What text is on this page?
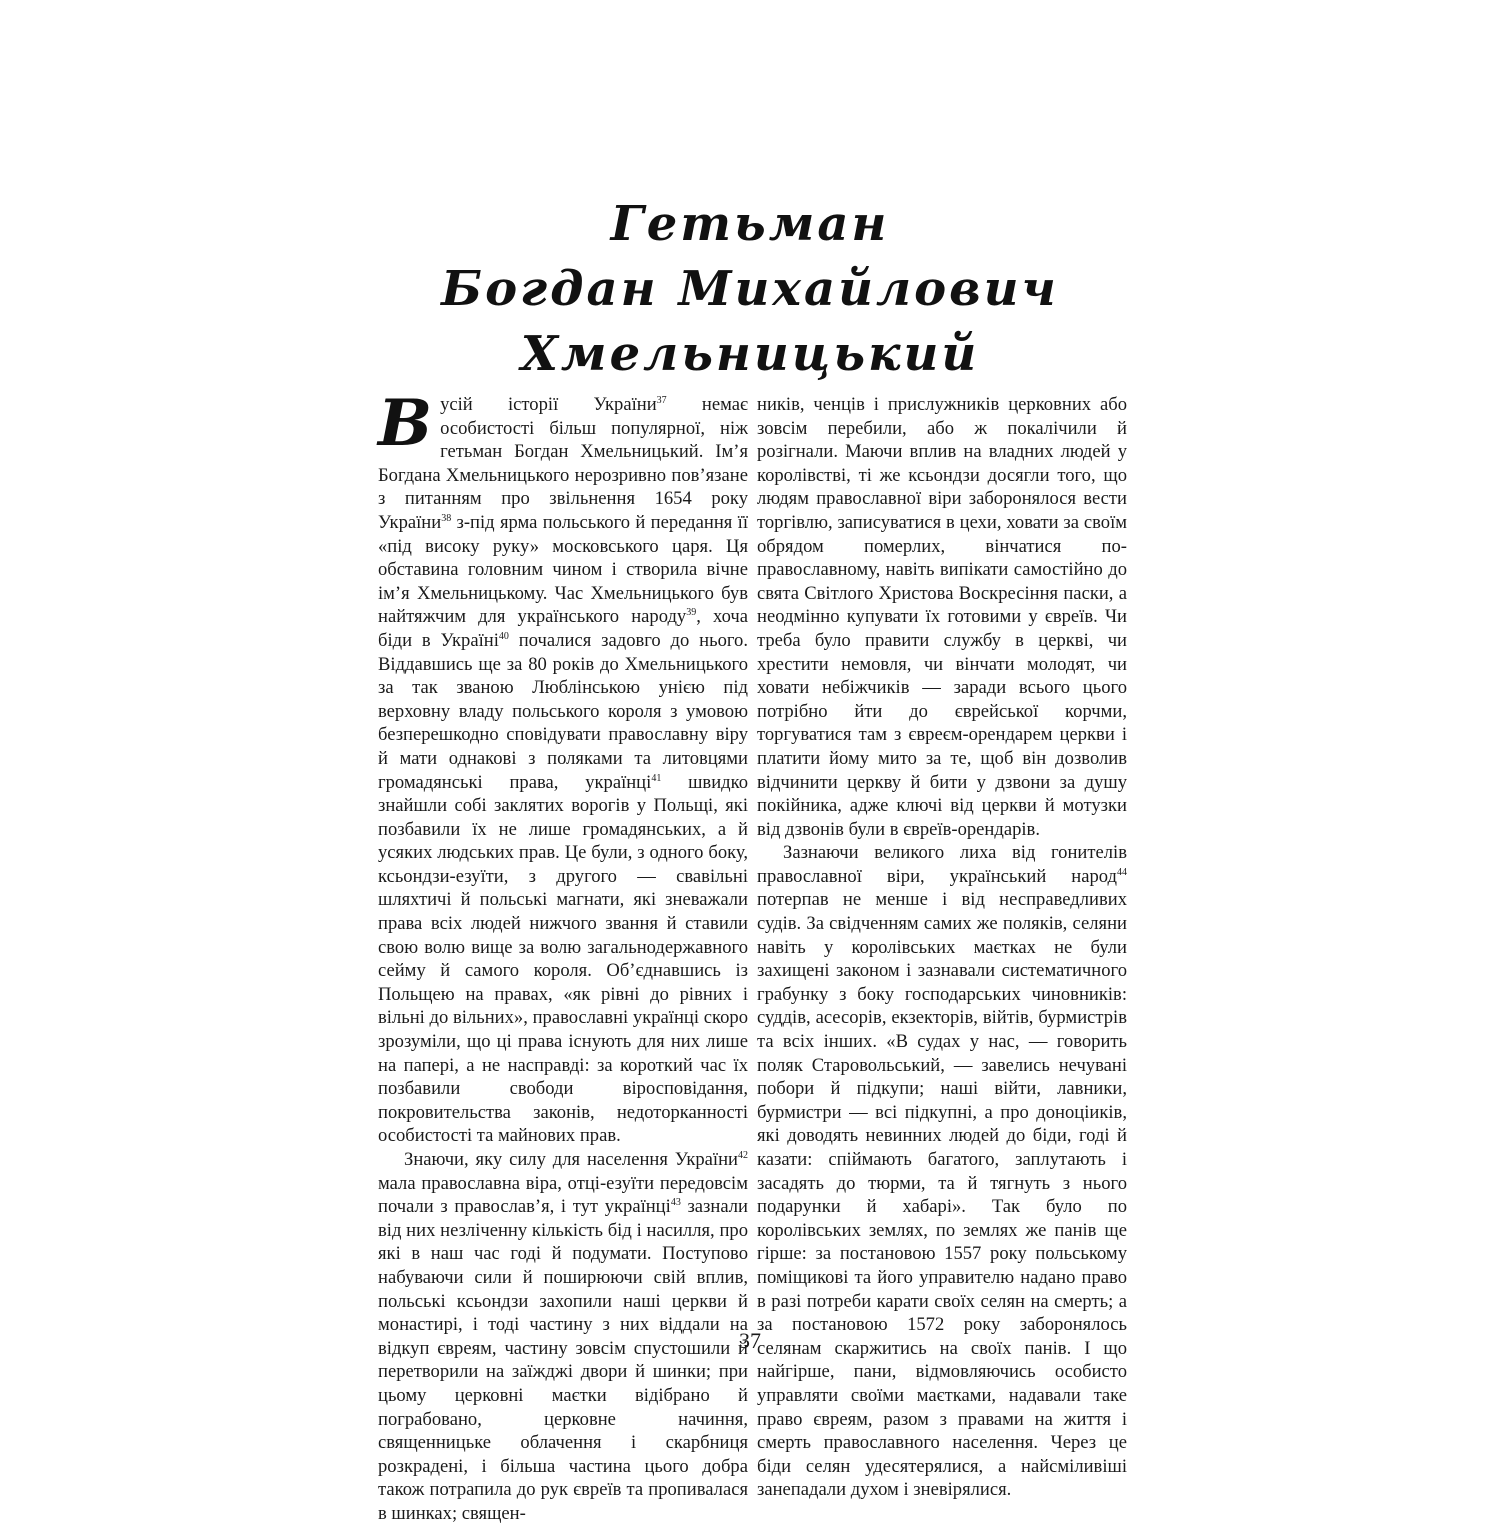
Гетьман
Богдан Михайлович
Хмельницький

В усій історії України$^{37}$ немає особистості більш популярної, ніж гетьман Богдан Хмельницький. Ім’я Богдана Хмельницького нерозривно пов’язане з питанням про звільнення 1654 року України$^{38}$ з-під ярма польського й передання її «під високу руку» московського царя. Ця обставина головним чином і створила вічне ім’я Хмельницькому. Час Хмельницького був найтяжчим для українського народу$^{39}$, хоча біди в Україні$^{40}$ почалися задовго до нього. Віддавшись ще за 80 років до Хмельницького за так званою Люблінською унією під верховну владу польського короля з умовою безперешкодно сповідувати православну віру й мати однакові з поляками та литовцями громадянські права, українці$^{41}$ швидко знайшли собі заклятих ворогів у Польщі, які позбавили їх не лише громадянських, а й усяких людських прав. Це були, з одного боку, ксьондзи-езуїти, з другого — свавільні шляхтичі й польські магнати, які зневажали права всіх людей нижчого звання й ставили свою волю вище за волю загальнодержавного сейму й самого короля. Об’єднавшись із Польщею на правах, «як рівні до рівних і вільні до вільних», православні українці скоро зрозуміли, що ці права існують для них лише на папері, а не насправді: за короткий час їх позбавили свободи віросповідання, покровительства законів, недоторканності особистості та майнових прав.

Знаючи, яку силу для населення України$^{42}$ мала православна віра, отці-езуїти передовсім почали з православ’я, і тут українці$^{43}$ зазнали від них незліченну кількість бід і насилля, про які в наш час годі й подумати. Поступово набуваючи сили й поширюючи свій вплив, польські ксьондзи захопили наші церкви й монастирі, і тоді частину з них віддали на відкуп євреям, частину зовсім спустошили й перетворили на заїжджі двори й шинки; при цьому церковні маєтки відібрано й пограбовано, церковне начиння, священницьке облачення і скарбниця розкрадені, і більша частина цього добра також потрапила до рук євреїв та пропивалася в шинках; священ-

ників, ченців і прислужників церковних або зовсім перебили, або ж покалічили й розігнали. Маючи вплив на владних людей у королівстві, ті же ксьондзи досягли того, що людям православної віри заборонялося вести торгівлю, записуватися в цехи, ховати за своїм обрядом померлих, вінчатися по-православному, навіть випікати самостійно до свята Світлого Христова Воскресіння паски, а неодмінно купувати їх готовими у євреїв. Чи треба було правити службу в церкві, чи хрестити немовля, чи вінчати молодят, чи ховати небіжчиків — заради всього цього потрібно йти до єврейської корчми, торгуватися там з євреєм-орендарем церкви і платити йому мито за те, щоб він дозволив відчинити церкву й бити у дзвони за душу покійника, адже ключі від церкви й мотузки від дзвонів були в євреїв-орендарів.

Зазнаючи великого лиха від гонителів православної віри, український народ$^{44}$ потерпав не менше і від несправедливих судів. За свідченням самих же поляків, селяни навіть у королівських маєтках не були захищені законом і зазнавали систематичного грабунку з боку господарських чиновників: суддів, асесорів, екзекторів, війтів, бурмистрів та всіх інших. «В судах у нас, — говорить поляк Старовольський, — завелись нечувані побори й підкупи; наші війти, лавники, бурмистри — всі підкупні, а про доноціиків, які доводять невинних людей до біди, годі й казати: спіймають багатого, заплутають і засадять до тюрми, та й тягнуть з нього подарунки й хабарі». Так було по королівських землях, по землях же панів ще гірше: за постановою 1557 року польському поміщикові та його управителю надано право в разі потреби карати своїх селян на смерть; а за постановою 1572 року заборонялось селянам скаржитись на своїх панів. І що найгірше, пани, відмовляючись особисто управляти своїми маєтками, надавали таке право євреям, разом з правами на життя і смерть православного населення. Через це біди селян удесятерялися, а найсміливіші занепадали духом і зневірялися.

37
